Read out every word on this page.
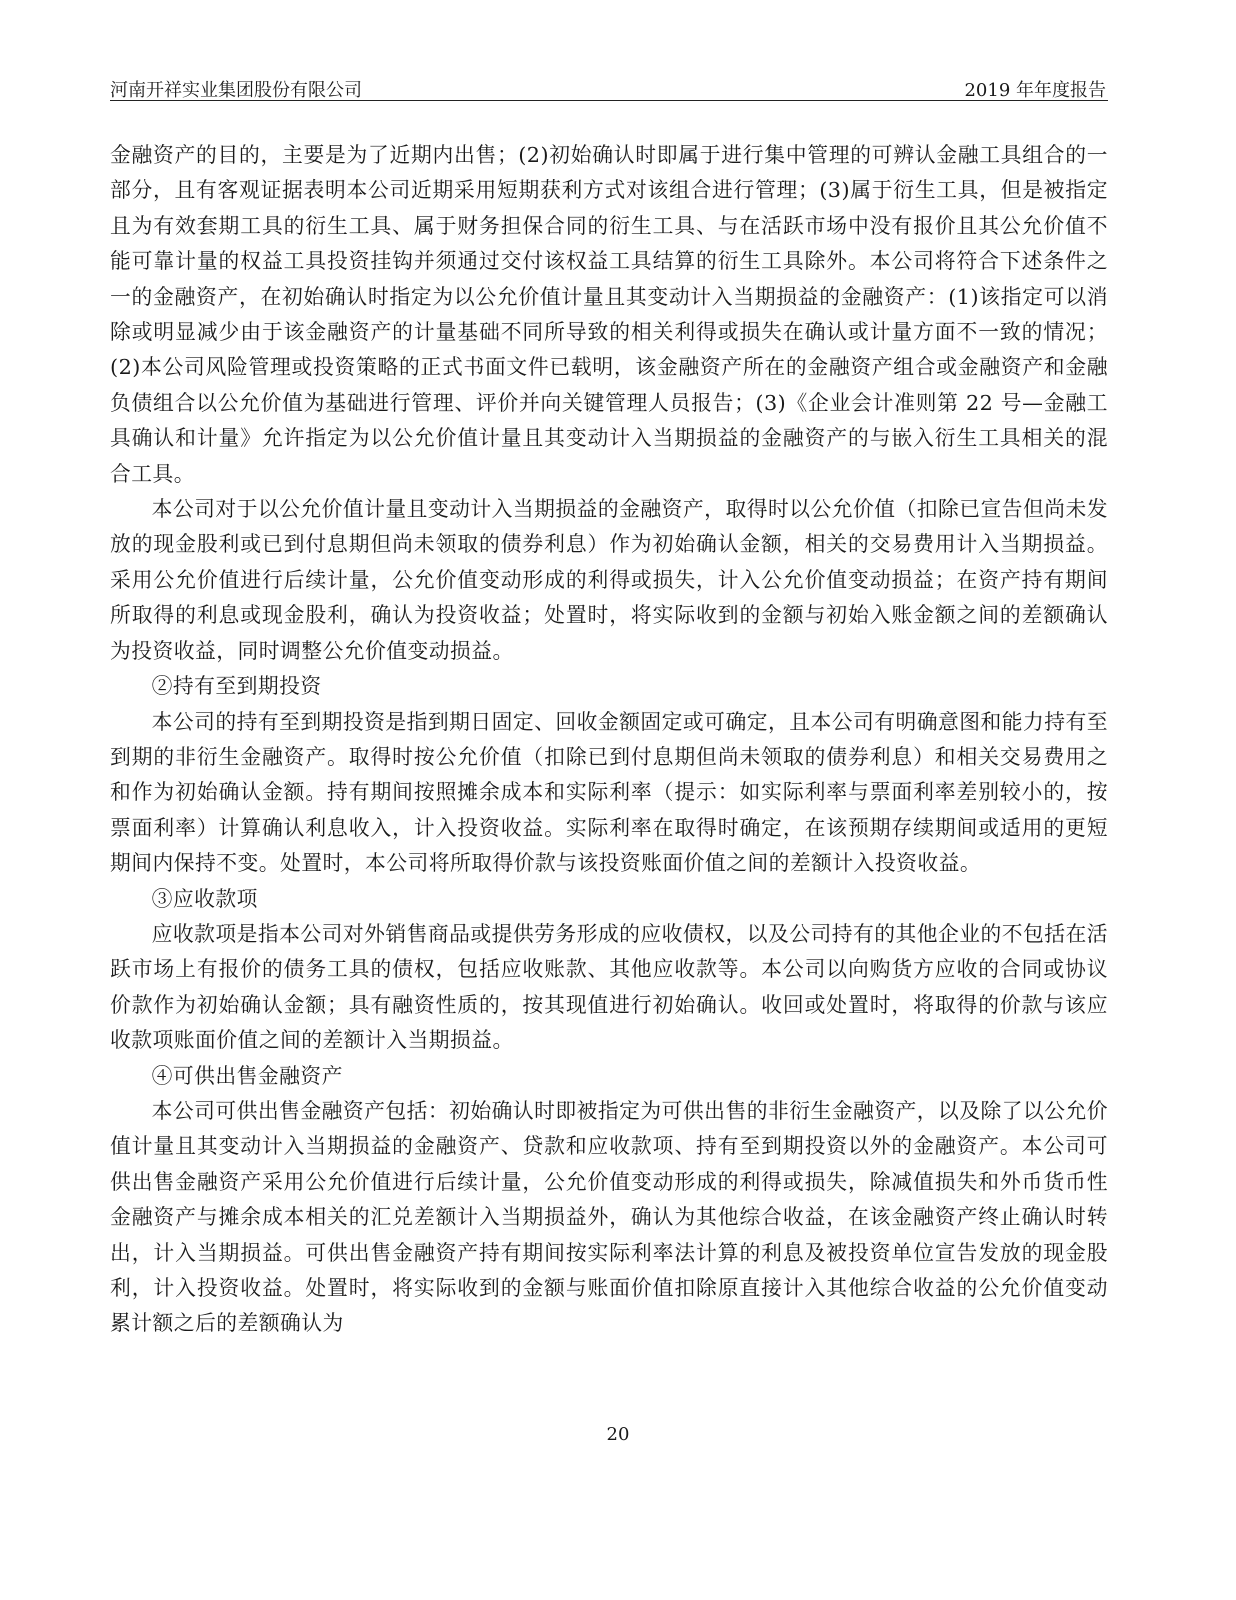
河南开祥实业集团股份有限公司	2019 年年度报告

金融资产的目的，主要是为了近期内出售；(2)初始确认时即属于进行集中管理的可辨认金融工具组合的一部分，且有客观证据表明本公司近期采用短期获利方式对该组合进行管理；(3)属于衍生工具，但是被指定且为有效套期工具的衍生工具、属于财务担保合同的衍生工具、与在活跃市场中没有报价且其公允价值不能可靠计量的权益工具投资挂钩并须通过交付该权益工具结算的衍生工具除外。本公司将符合下述条件之一的金融资产，在初始确认时指定为以公允价值计量且其变动计入当期损益的金融资产：(1)该指定可以消除或明显减少由于该金融资产的计量基础不同所导致的相关利得或损失在确认或计量方面不一致的情况；(2)本公司风险管理或投资策略的正式书面文件已载明，该金融资产所在的金融资产组合或金融资产和金融负债组合以公允价值为基础进行管理、评价并向关键管理人员报告；(3)《企业会计准则第 22 号—金融工具确认和计量》允许指定为以公允价值计量且其变动计入当期损益的金融资产的与嵌入衍生工具相关的混合工具。

本公司对于以公允价值计量且变动计入当期损益的金融资产，取得时以公允价值（扣除已宣告但尚未发放的现金股利或已到付息期但尚未领取的债券利息）作为初始确认金额，相关的交易费用计入当期损益。采用公允价值进行后续计量，公允价值变动形成的利得或损失，计入公允价值变动损益；在资产持有期间所取得的利息或现金股利，确认为投资收益；处置时，将实际收到的金额与初始入账金额之间的差额确认为投资收益，同时调整公允价值变动损益。

②持有至到期投资

本公司的持有至到期投资是指到期日固定、回收金额固定或可确定，且本公司有明确意图和能力持有至到期的非衍生金融资产。取得时按公允价值（扣除已到付息期但尚未领取的债券利息）和相关交易费用之和作为初始确认金额。持有期间按照摊余成本和实际利率（提示：如实际利率与票面利率差别较小的，按票面利率）计算确认利息收入，计入投资收益。实际利率在取得时确定，在该预期存续期间或适用的更短期间内保持不变。处置时，本公司将所取得价款与该投资账面价值之间的差额计入投资收益。

③应收款项

应收款项是指本公司对外销售商品或提供劳务形成的应收债权，以及公司持有的其他企业的不包括在活跃市场上有报价的债务工具的债权，包括应收账款、其他应收款等。本公司以向购货方应收的合同或协议价款作为初始确认金额；具有融资性质的，按其现值进行初始确认。收回或处置时，将取得的价款与该应收款项账面价值之间的差额计入当期损益。

④可供出售金融资产

本公司可供出售金融资产包括：初始确认时即被指定为可供出售的非衍生金融资产，以及除了以公允价值计量且其变动计入当期损益的金融资产、贷款和应收款项、持有至到期投资以外的金融资产。本公司可供出售金融资产采用公允价值进行后续计量，公允价值变动形成的利得或损失，除减值损失和外币货币性金融资产与摊余成本相关的汇兑差额计入当期损益外，确认为其他综合收益，在该金融资产终止确认时转出，计入当期损益。可供出售金融资产持有期间按实际利率法计算的利息及被投资单位宣告发放的现金股利，计入投资收益。处置时，将实际收到的金额与账面价值扣除原直接计入其他综合收益的公允价值变动累计额之后的差额确认为

20
